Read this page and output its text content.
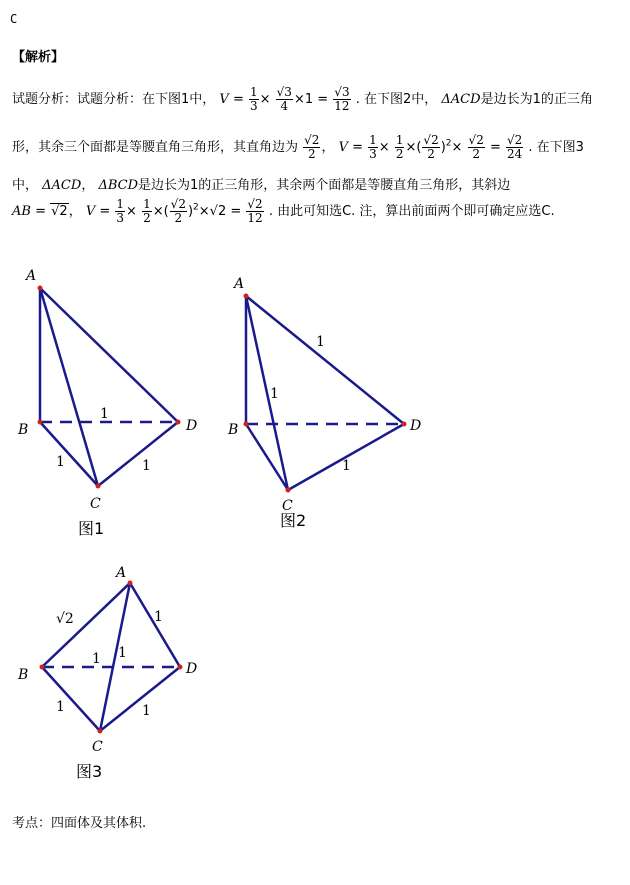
C
【解析】
试题分析：试题分析：在下图1中， $V = \frac{1}{3} \times \frac{√3}{4} \times 1 = \frac{√3}{12}$ . 在下图2中， ΔACD是边长为1的正三角
形，其余三个面都是等腰直角三角形，其直角边为 $\frac{√2}{2}$ ， $V = \frac{1}{3} \times \frac{1}{2}$ ×( $\frac{√2}{2} )^2\times \frac{√2}{2} = \frac{√2}{24}$ . 在下图3
中， ΔACD， ΔBCD是边长为1的正三角形，其余两个面都是等腰直角三角形，其斜边
AB = √2， $V = \frac{1}{3} \times \frac{1}{2}$ ×( $\frac{√2}{2} )^2\times√2 = \frac{√2}{12}$ . 由此可知选C. 注，算出前面两个即可确定应选C.
A
B
C
D
1
1	1
图1
A
B
C
D
1
1
1
图2
A
B
C
D
√2	1
1 1
1	1
图3
考点：四面体及其体积.
